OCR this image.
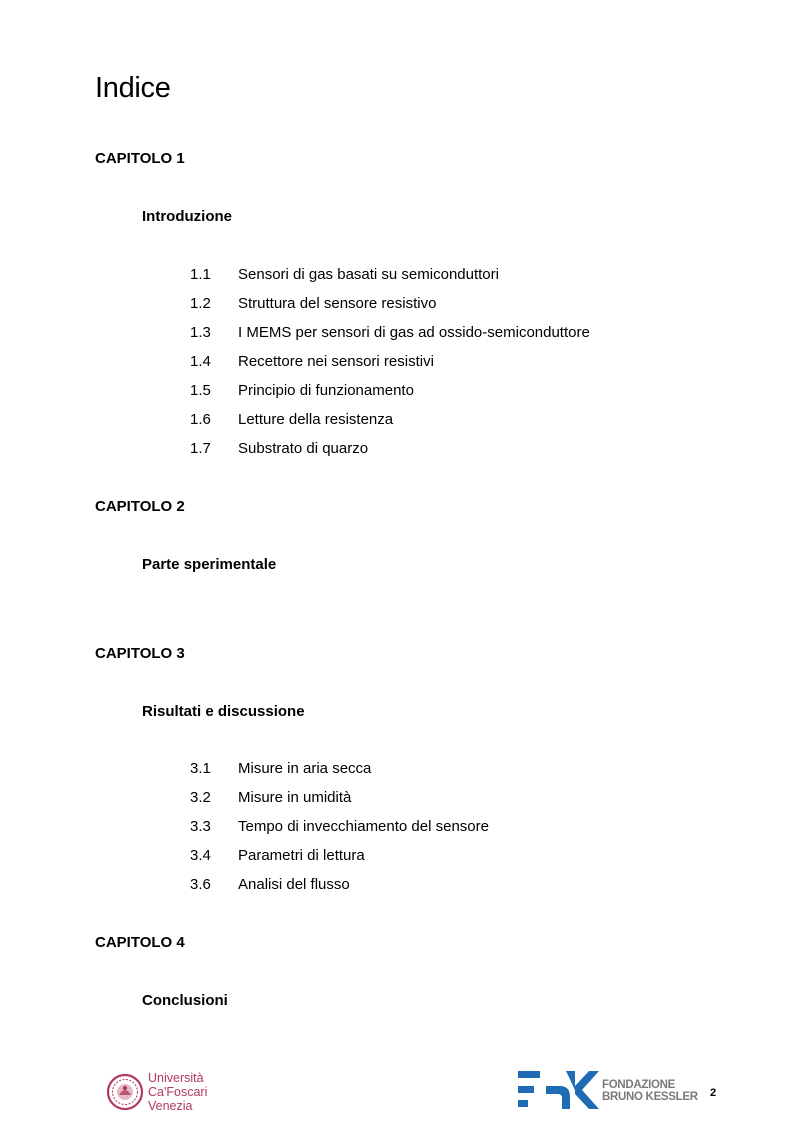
Indice
CAPITOLO 1
Introduzione
1.1	Sensori di gas basati su semiconduttori
1.2	Struttura del sensore resistivo
1.3	I MEMS per sensori di gas ad ossido-semiconduttore
1.4	Recettore nei sensori resistivi
1.5	Principio di funzionamento
1.6	Letture della resistenza
1.7	Substrato di quarzo
CAPITOLO 2
Parte sperimentale
CAPITOLO 3
Risultati e discussione
3.1	Misure in aria secca
3.2	Misure in umidità
3.3	Tempo di invecchiamento del sensore
3.4	Parametri di lettura
3.6	Analisi del flusso
CAPITOLO 4
Conclusioni
Università
Ca'Foscari
Venezia
FONDAZIONE
BRUNO KESSLER 2
